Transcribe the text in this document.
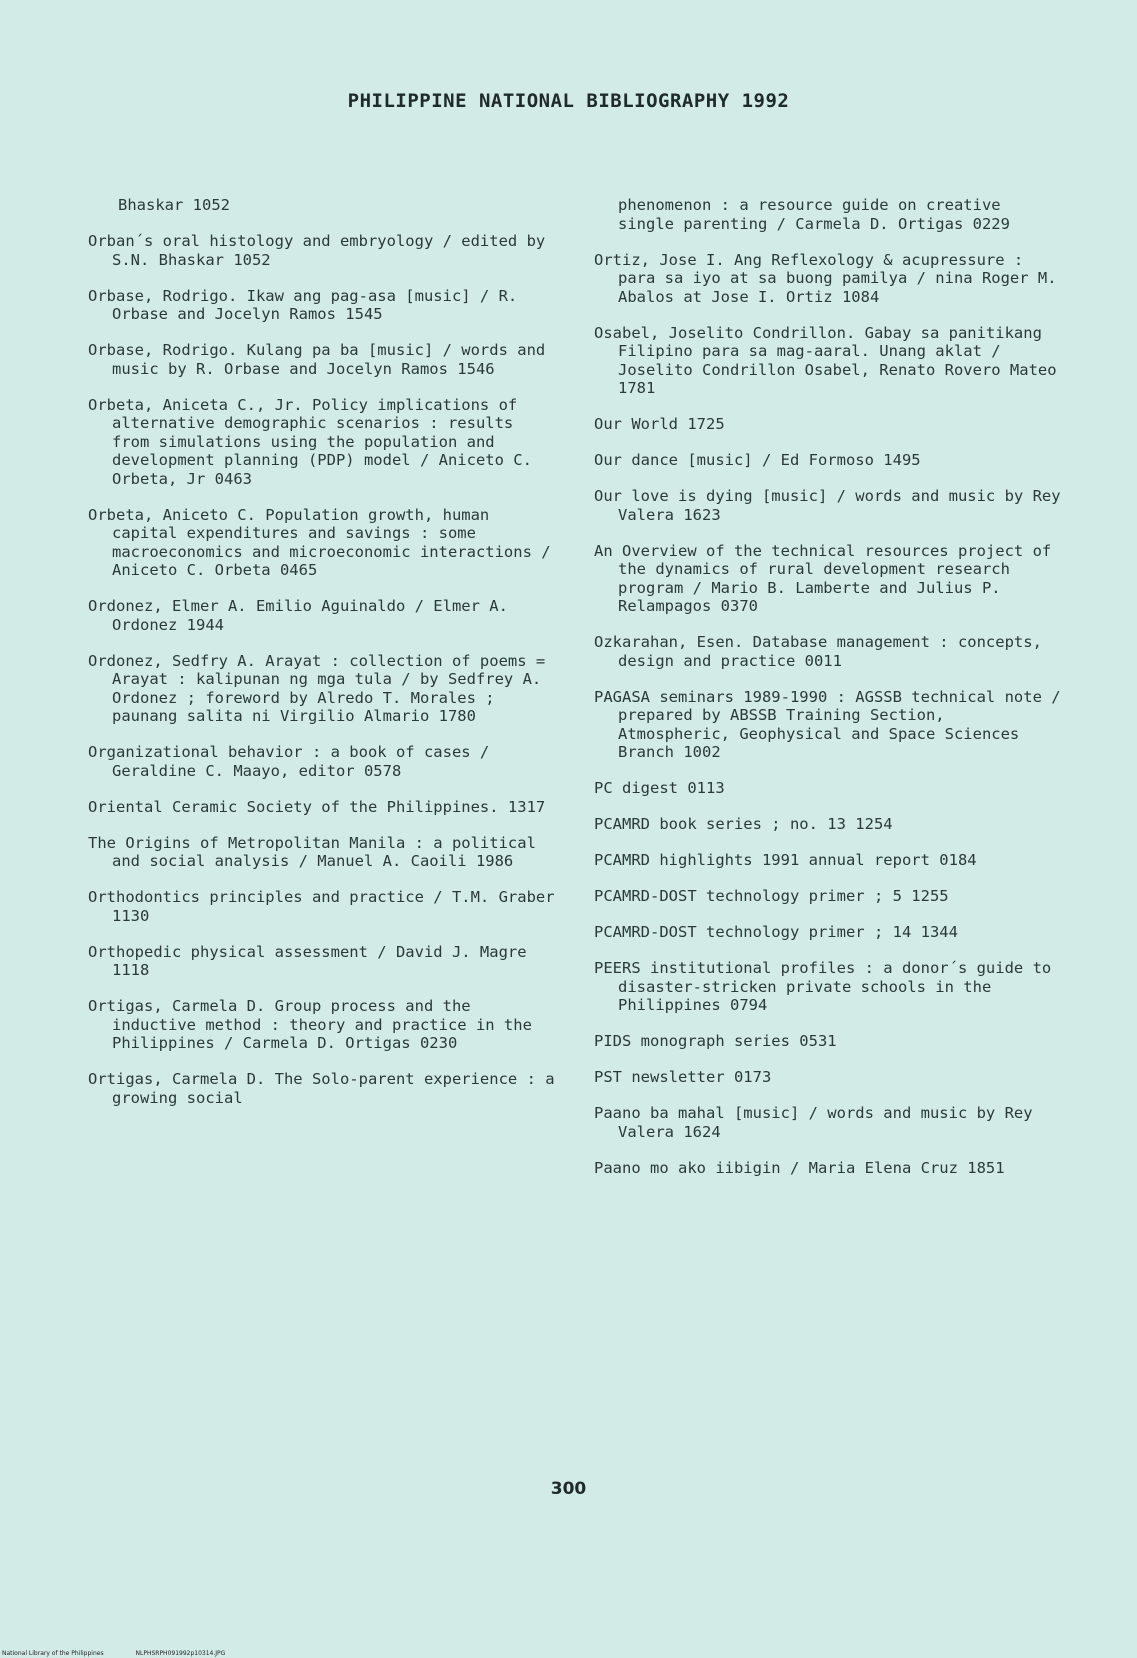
PHILIPPINE NATIONAL BIBLIOGRAPHY 1992

Bhaskar 1052

Orban´s oral histology and embryology / edited by S.N. Bhaskar 1052

Orbase, Rodrigo. Ikaw ang pag-asa [music] / R. Orbase and Jocelyn Ramos 1545

Orbase, Rodrigo. Kulang pa ba [music] / words and music by R. Orbase and Jocelyn Ramos 1546

Orbeta, Aniceta C., Jr. Policy implications of alternative demographic scenarios : results from simulations using the population and development planning (PDP) model / Aniceto C. Orbeta, Jr 0463

Orbeta, Aniceto C. Population growth, human capital expenditures and savings : some macroeconomics and microeconomic interactions / Aniceto C. Orbeta 0465

Ordonez, Elmer A. Emilio Aguinaldo / Elmer A. Ordonez 1944

Ordonez, Sedfry A. Arayat : collection of poems = Arayat : kalipunan ng mga tula / by Sedfrey A. Ordonez ; foreword by Alredo T. Morales ; paunang salita ni Virgilio Almario 1780

Organizational behavior : a book of cases / Geraldine C. Maayo, editor 0578

Oriental Ceramic Society of the Philippines. 1317

The Origins of Metropolitan Manila : a political and social analysis / Manuel A. Caoili 1986

Orthodontics principles and practice / T.M. Graber 1130

Orthopedic physical assessment / David J. Magre 1118

Ortigas, Carmela D. Group process and the inductive method : theory and practice in the Philippines / Carmela D. Ortigas 0230

Ortigas, Carmela D. The Solo-parent experience : a growing social

phenomenon : a resource guide on creative single parenting / Carmela D. Ortigas 0229

Ortiz, Jose I. Ang Reflexology & acupressure : para sa iyo at sa buong pamilya / nina Roger M. Abalos at Jose I. Ortiz 1084

Osabel, Joselito Condrillon. Gabay sa panitikang Filipino para sa mag-aaral. Unang aklat / Joselito Condrillon Osabel, Renato Rovero Mateo 1781

Our World 1725

Our dance [music] / Ed Formoso 1495

Our love is dying [music] / words and music by Rey Valera 1623

An Overview of the technical resources project of the dynamics of rural development research program / Mario B. Lamberte and Julius P. Relampagos 0370

Ozkarahan, Esen. Database management : concepts, design and practice 0011

PAGASA seminars 1989-1990 : AGSSB technical note / prepared by ABSSB Training Section, Atmospheric, Geophysical and Space Sciences Branch 1002

PC digest 0113

PCAMRD book series ; no. 13 1254

PCAMRD highlights 1991 annual report 0184

PCAMRD-DOST technology primer ; 5 1255

PCAMRD-DOST technology primer ; 14 1344

PEERS institutional profiles : a donor´s guide to disaster-stricken private schools in the Philippines 0794

PIDS monograph series 0531

PST newsletter 0173

Paano ba mahal [music] / words and music by Rey Valera 1624

Paano mo ako iibigin / Maria Elena Cruz 1851

300
National Library of the Philippines	NLPHSRPH091992p10314.JPG
